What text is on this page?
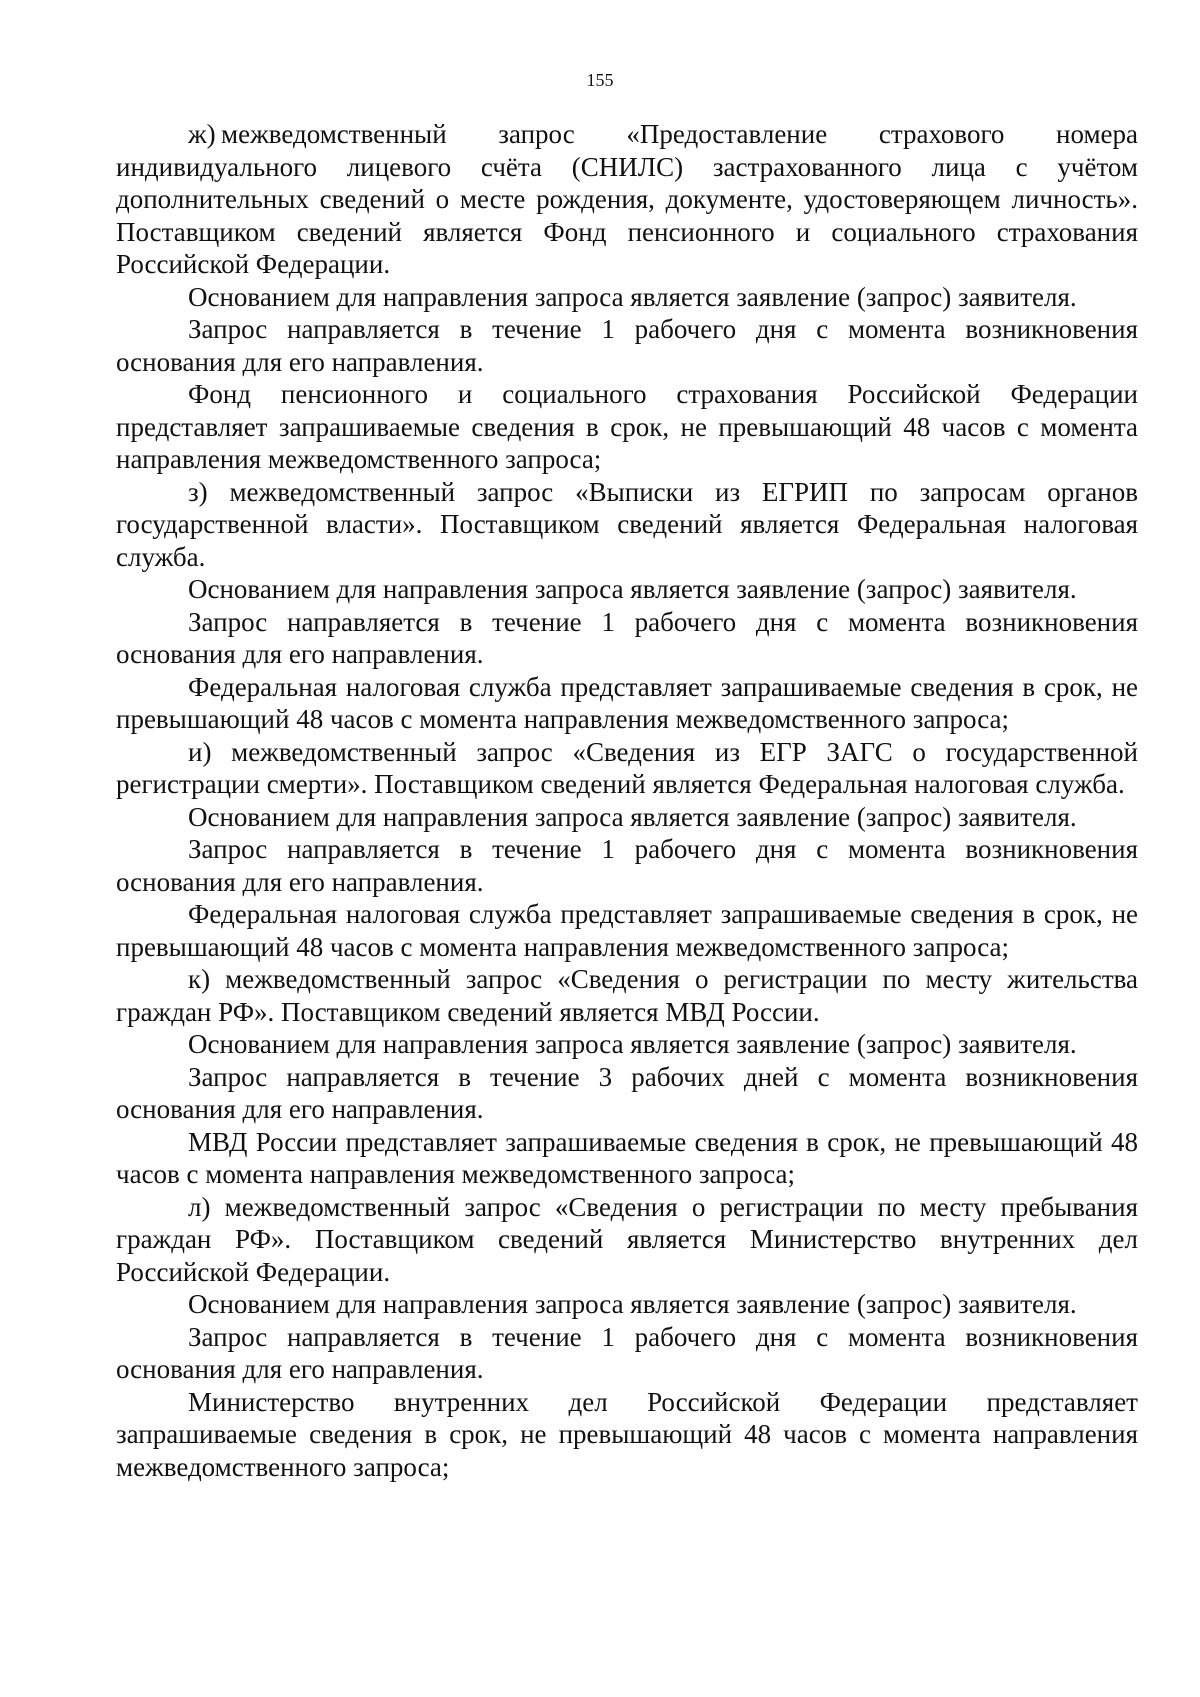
155

ж) межведомственный запрос «Предоставление страхового номера индивидуального лицевого счёта (СНИЛС) застрахованного лица с учётом дополнительных сведений о месте рождения, документе, удостоверяющем личность». Поставщиком сведений является Фонд пенсионного и социального страхования Российской Федерации.

Основанием для направления запроса является заявление (запрос) заявителя.

Запрос направляется в течение 1 рабочего дня с момента возникновения основания для его направления.

Фонд пенсионного и социального страхования Российской Федерации представляет запрашиваемые сведения в срок, не превышающий 48 часов с момента направления межведомственного запроса;

з) межведомственный запрос «Выписки из ЕГРИП по запросам органов государственной власти». Поставщиком сведений является Федеральная налоговая служба.

Основанием для направления запроса является заявление (запрос) заявителя.

Запрос направляется в течение 1 рабочего дня с момента возникновения основания для его направления.

Федеральная налоговая служба представляет запрашиваемые сведения в срок, не превышающий 48 часов с момента направления межведомственного запроса;

и) межведомственный запрос «Сведения из ЕГР ЗАГС о государственной регистрации смерти». Поставщиком сведений является Федеральная налоговая служба.

Основанием для направления запроса является заявление (запрос) заявителя.

Запрос направляется в течение 1 рабочего дня с момента возникновения основания для его направления.

Федеральная налоговая служба представляет запрашиваемые сведения в срок, не превышающий 48 часов с момента направления межведомственного запроса;

к) межведомственный запрос «Сведения о регистрации по месту жительства граждан РФ». Поставщиком сведений является МВД России.

Основанием для направления запроса является заявление (запрос) заявителя.

Запрос направляется в течение 3 рабочих дней с момента возникновения основания для его направления.

МВД России представляет запрашиваемые сведения в срок, не превышающий 48 часов с момента направления межведомственного запроса;

л) межведомственный запрос «Сведения о регистрации по месту пребывания граждан РФ». Поставщиком сведений является Министерство внутренних дел Российской Федерации.

Основанием для направления запроса является заявление (запрос) заявителя.

Запрос направляется в течение 1 рабочего дня с момента возникновения основания для его направления.

Министерство внутренних дел Российской Федерации представляет запрашиваемые сведения в срок, не превышающий 48 часов с момента направления межведомственного запроса;
